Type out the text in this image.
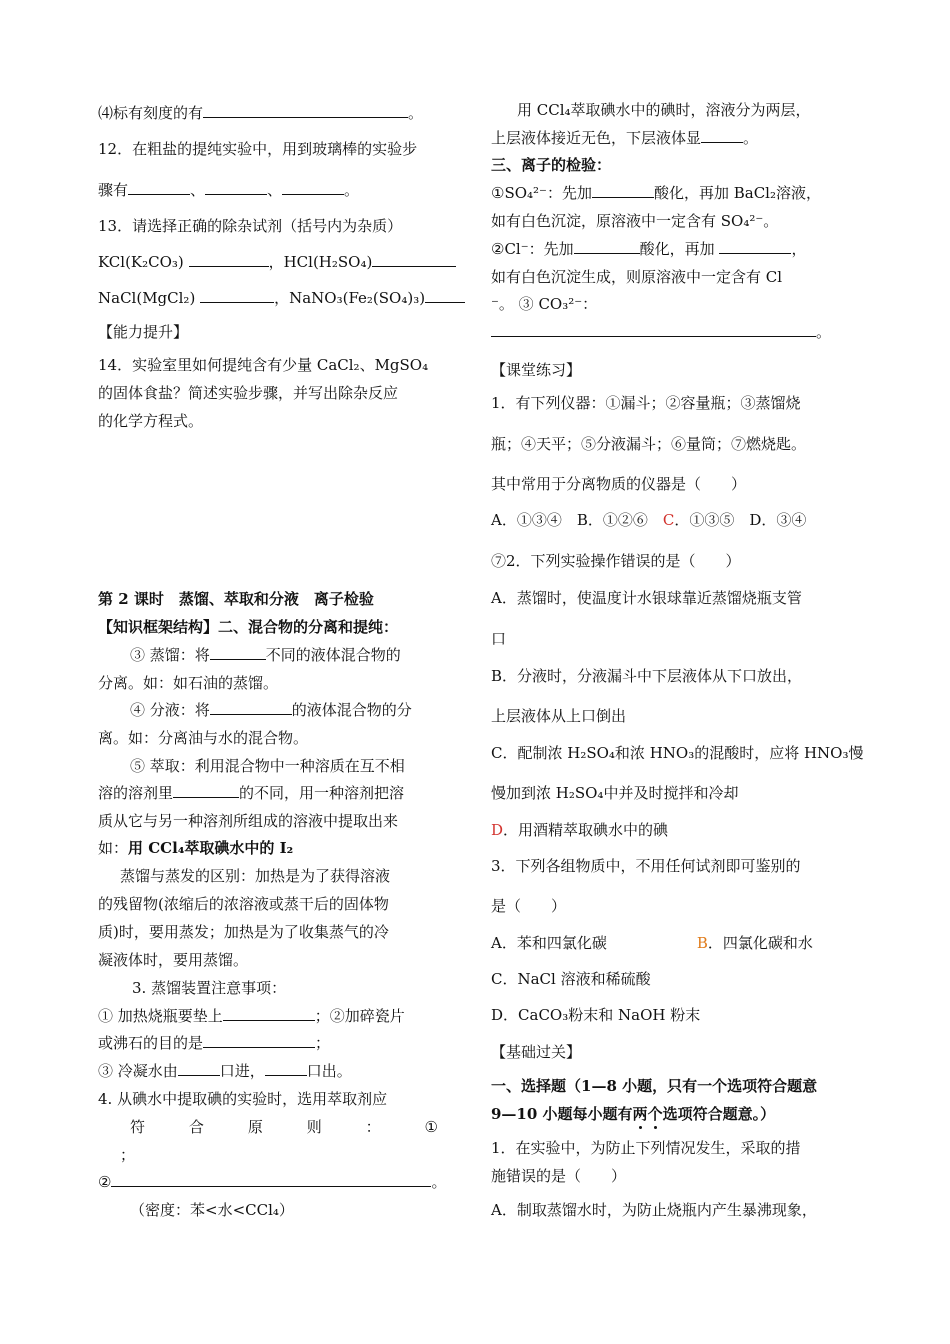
⑷标有刻度的有	。
12．在粗盐的提纯实验中，用到玻璃棒的实验步
骤有	、	、	。
13．请选择正确的除杂试剂（括号内为杂质）
KCl(K₂CO₃)	，HCl(H₂SO₄)
NaCl(MgCl₂)	，NaNO₃(Fe₂(SO₄)₃)
【能力提升】
14．实验室里如何提纯含有少量 CaCl₂、MgSO₄
的固体食盐？简述实验步骤，并写出除杂反应
的化学方程式。
第 2 课时　蒸馏、萃取和分液　离子检验
【知识框架结构】二、混合物的分离和提纯：
③ 蒸馏：将	不同的液体混合物的
分离。如：如石油的蒸馏。
④ 分液：将	的液体混合物的分
离。如：分离油与水的混合物。
⑤ 萃取：利用混合物中一种溶质在互不相
溶的溶剂里	的不同，用一种溶剂把溶
质从它与另一种溶剂所组成的溶液中提取出来
如：用 CCl₄萃取碘水中的 I₂
蒸馏与蒸发的区别：加热是为了获得溶液
的残留物(浓缩后的浓溶液或蒸干后的固体物
质)时，要用蒸发；加热是为了收集蒸气的冷
凝液体时，要用蒸馏。
3. 蒸馏装置注意事项：
① 加热烧瓶要垫上	；②加碎瓷片
或沸石的目的是	；
③ 冷凝水由	口进，	口出。
4. 从碘水中提取碘的实验时，选用萃取剂应
符	合	原	则	：	①
；
②	。
（密度：苯<水<CCl₄）
用 CCl₄萃取碘水中的碘时，溶液分为两层，
上层液体接近无色，下层液体显	。
三、离子的检验：
①SO₄²⁻：先加	酸化，再加 BaCl₂溶液，
如有白色沉淀，原溶液中一定含有 SO₄²⁻。
②Cl⁻：先加	酸化，再加	，
如有白色沉淀生成，则原溶液中一定含有 Cl
⁻。 ③ CO₃²⁻：
。
【课堂练习】
1．有下列仪器：①漏斗；②容量瓶；③蒸馏烧
瓶；④天平；⑤分液漏斗；⑥量筒；⑦燃烧匙。
其中常用于分离物质的仪器是（　　）
A．①③④　B．①②⑥　C．①③⑤　D．③④
⑦2．下列实验操作错误的是（　　）
A．蒸馏时，使温度计水银球靠近蒸馏烧瓶支管
口
B．分液时，分液漏斗中下层液体从下口放出，
上层液体从上口倒出
C．配制浓 H₂SO₄和浓 HNO₃的混酸时，应将 HNO₃慢
慢加到浓 H₂SO₄中并及时搅拌和冷却
D．用酒精萃取碘水中的碘
3．下列各组物质中，不用任何试剂即可鉴别的
是（　　）
A．苯和四氯化碳	B．四氯化碳和水
C．NaCl 溶液和稀硫酸
D．CaCO₃粉末和 NaOH 粉末
【基础过关】
一、选择题（1—8 小题，只有一个选项符合题意
9—10 小题每小题有两个选项符合题意。）
1．在实验中，为防止下列情况发生，采取的措
施错误的是（　　）
A．制取蒸馏水时，为防止烧瓶内产生暴沸现象，
